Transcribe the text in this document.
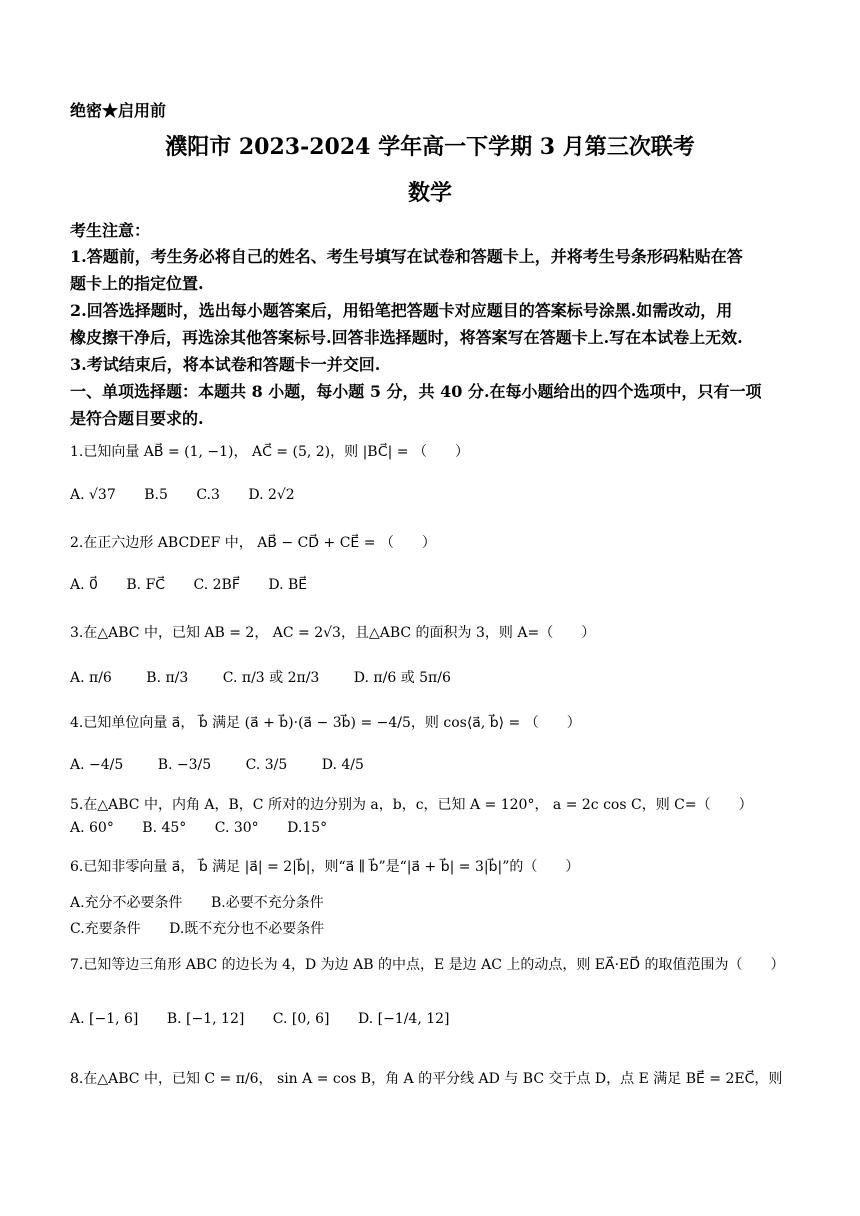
绝密★启用前
濮阳市 2023-2024 学年高一下学期 3 月第三次联考
数学
考生注意：
1.答题前，考生务必将自己的姓名、考生号填写在试卷和答题卡上，并将考生号条形码粘贴在答
题卡上的指定位置.
2.回答选择题时，选出每小题答案后，用铅笔把答题卡对应题目的答案标号涂黑.如需改动，用
橡皮擦干净后，再选涂其他答案标号.回答非选择题时，将答案写在答题卡上.写在本试卷上无效.
3.考试结束后，将本试卷和答题卡一并交回.
一、单项选择题：本题共 8 小题，每小题 5 分，共 40 分.在每小题给出的四个选项中，只有一项
是符合题目要求的.
1.已知向量 AB⃗ = (1, −1)， AC⃗ = (5, 2)，则 |BC⃗| = （　　）
A. √37 B.5 C.3 D. 2√2
2.在正六边形 ABCDEF 中， AB⃗ − CD⃗ + CE⃗ = （　　）
A. 0⃗ B. FC⃗ C. 2BF⃗ D. BE⃗
3.在△ABC 中，已知 AB = 2， AC = 2√3，且△ABC 的面积为 3，则 A=（　　）
A. π/6 B. π/3 C. π/3 或 2π/3 D. π/6 或 5π/6
4.已知单位向量 a⃗， b⃗ 满足 (a⃗ + b⃗)·(a⃗ − 3b⃗) = −4/5，则 cos⟨a⃗, b⃗⟩ = （　　）
A. −4/5 B. −3/5 C. 3/5 D. 4/5
5.在△ABC 中，内角 A，B，C 所对的边分别为 a，b，c，已知 A = 120°， a = 2c cos C，则 C=（　　）
A. 60° B. 45° C. 30° D.15°
6.已知非零向量 a⃗， b⃗ 满足 |a⃗| = 2|b⃗|，则“a⃗ ∥ b⃗”是“|a⃗ + b⃗| = 3|b⃗|”的（　　）
A.充分不必要条件 B.必要不充分条件
C.充要条件 D.既不充分也不必要条件
7.已知等边三角形 ABC 的边长为 4，D 为边 AB 的中点，E 是边 AC 上的动点，则 EA⃗·ED⃗ 的取值范围为（　　）
A. [−1, 6] B. [−1, 12] C. [0, 6] D. [−1/4, 12]
8.在△ABC 中，已知 C = π/6， sin A = cos B，角 A 的平分线 AD 与 BC 交于点 D，点 E 满足 BE⃗ = 2EC⃗，则
